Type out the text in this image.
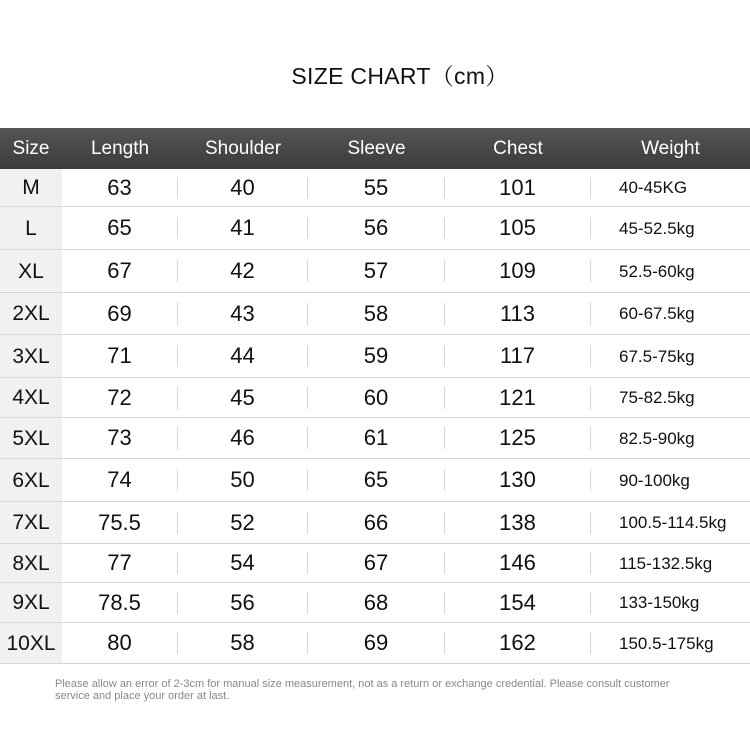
SIZE CHART（cm）
Size	Length	Shoulder	Sleeve	Chest	Weight
M	63	40	55	101	40-45KG
L	65	41	56	105	45-52.5kg
XL	67	42	57	109	52.5-60kg
2XL	69	43	58	113	60-67.5kg
3XL	71	44	59	117	67.5-75kg
4XL	72	45	60	121	75-82.5kg
5XL	73	46	61	125	82.5-90kg
6XL	74	50	65	130	90-100kg
7XL	75.5	52	66	138	100.5-114.5kg
8XL	77	54	67	146	115-132.5kg
9XL	78.5	56	68	154	133-150kg
10XL	80	58	69	162	150.5-175kg
Please allow an error of 2-3cm for manual size measurement, not as a return or exchange credential. Please consult customer service and place your order at last.
